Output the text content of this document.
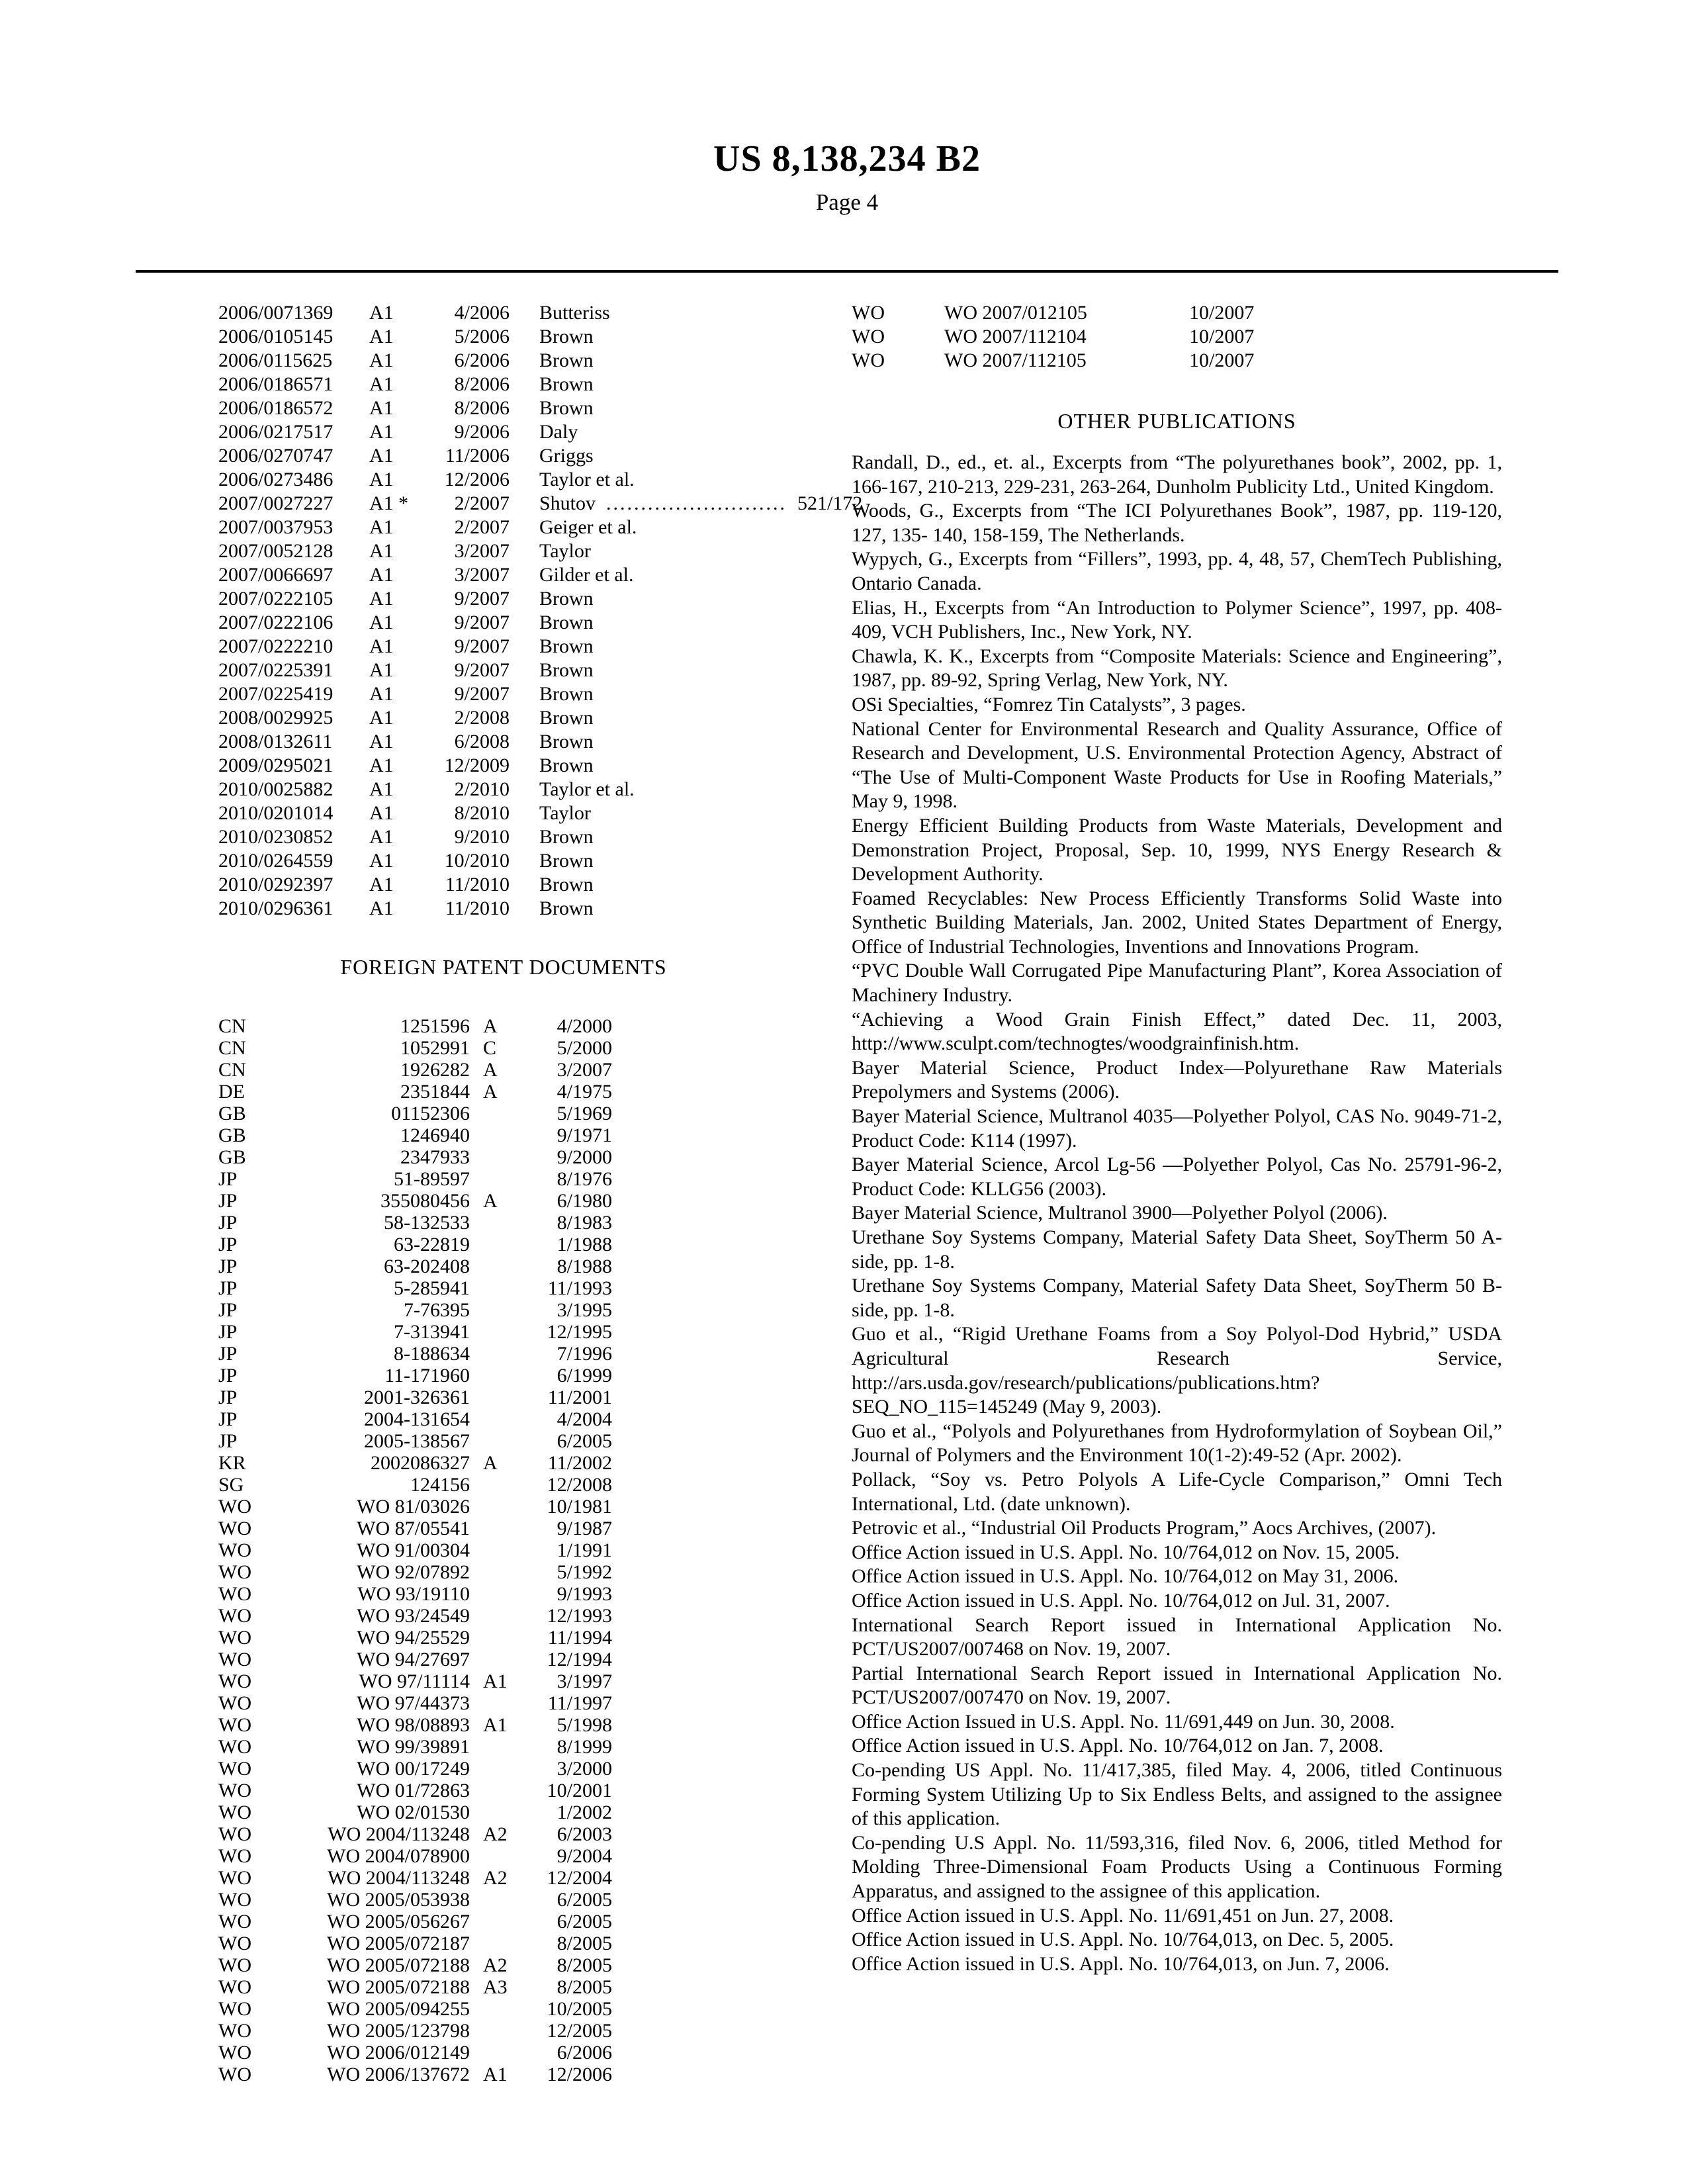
US 8,138,234 B2
Page 4
2006/0071369	A1	4/2006	Butteriss
2006/0105145	A1	5/2006	Brown
2006/0115625	A1	6/2006	Brown
2006/0186571	A1	8/2006	Brown
2006/0186572	A1	8/2006	Brown
2006/0217517	A1	9/2006	Daly
2006/0270747	A1	11/2006	Griggs
2006/0273486	A1	12/2006	Taylor et al.
2007/0027227	A1 *	2/2007	Shutov .......................... 521/172
2007/0037953	A1	2/2007	Geiger et al.
2007/0052128	A1	3/2007	Taylor
2007/0066697	A1	3/2007	Gilder et al.
2007/0222105	A1	9/2007	Brown
2007/0222106	A1	9/2007	Brown
2007/0222210	A1	9/2007	Brown
2007/0225391	A1	9/2007	Brown
2007/0225419	A1	9/2007	Brown
2008/0029925	A1	2/2008	Brown
2008/0132611	A1	6/2008	Brown
2009/0295021	A1	12/2009	Brown
2010/0025882	A1	2/2010	Taylor et al.
2010/0201014	A1	8/2010	Taylor
2010/0230852	A1	9/2010	Brown
2010/0264559	A1	10/2010	Brown
2010/0292397	A1	11/2010	Brown
2010/0296361	A1	11/2010	Brown
FOREIGN PATENT DOCUMENTS
CN	1251596 A	4/2000
CN	1052991 C	5/2000
CN	1926282 A	3/2007
DE	2351844 A	4/1975
GB	01152306	5/1969
GB	1246940	9/1971
GB	2347933	9/2000
JP	51-89597	8/1976
JP	355080456 A	6/1980
JP	58-132533	8/1983
JP	63-22819	1/1988
JP	63-202408	8/1988
JP	5-285941	11/1993
JP	7-76395	3/1995
JP	7-313941	12/1995
JP	8-188634	7/1996
JP	11-171960	6/1999
JP	2001-326361	11/2001
JP	2004-131654	4/2004
JP	2005-138567	6/2005
KR	2002086327 A	11/2002
SG	124156	12/2008
WO	WO 81/03026	10/1981
WO	WO 87/05541	9/1987
WO	WO 91/00304	1/1991
WO	WO 92/07892	5/1992
WO	WO 93/19110	9/1993
WO	WO 93/24549	12/1993
WO	WO 94/25529	11/1994
WO	WO 94/27697	12/1994
WO	WO 97/11114 A1	3/1997
WO	WO 97/44373	11/1997
WO	WO 98/08893 A1	5/1998
WO	WO 99/39891	8/1999
WO	WO 00/17249	3/2000
WO	WO 01/72863	10/2001
WO	WO 02/01530	1/2002
WO	WO 2004/113248 A2	6/2003
WO	WO 2004/078900	9/2004
WO	WO 2004/113248 A2	12/2004
WO	WO 2005/053938	6/2005
WO	WO 2005/056267	6/2005
WO	WO 2005/072187	8/2005
WO	WO 2005/072188 A2	8/2005
WO	WO 2005/072188 A3	8/2005
WO	WO 2005/094255	10/2005
WO	WO 2005/123798	12/2005
WO	WO 2006/012149	6/2006
WO	WO 2006/137672 A1	12/2006
WO	WO 2007/012105	10/2007
WO	WO 2007/112104	10/2007
WO	WO 2007/112105	10/2007
OTHER PUBLICATIONS

Randall, D., ed., et. al., Excerpts from “The polyurethanes book”, 2002, pp. 1, 166-167, 210-213, 229-231, 263-264, Dunholm Publicity Ltd., United Kingdom.

Woods, G., Excerpts from “The ICI Polyurethanes Book”, 1987, pp. 119-120, 127, 135- 140, 158-159, The Netherlands.

Wypych, G., Excerpts from “Fillers”, 1993, pp. 4, 48, 57, ChemTech Publishing, Ontario Canada.

Elias, H., Excerpts from “An Introduction to Polymer Science”, 1997, pp. 408-409, VCH Publishers, Inc., New York, NY.

Chawla, K. K., Excerpts from “Composite Materials: Science and Engineering”, 1987, pp. 89-92, Spring Verlag, New York, NY.

OSi Specialties, “Fomrez Tin Catalysts”, 3 pages.

National Center for Environmental Research and Quality Assurance, Office of Research and Development, U.S. Environmental Protection Agency, Abstract of “The Use of Multi-Component Waste Products for Use in Roofing Materials,” May 9, 1998.

Energy Efficient Building Products from Waste Materials, Development and Demonstration Project, Proposal, Sep. 10, 1999, NYS Energy Research & Development Authority.

Foamed Recyclables: New Process Efficiently Transforms Solid Waste into Synthetic Building Materials, Jan. 2002, United States Department of Energy, Office of Industrial Technologies, Inventions and Innovations Program.

“PVC Double Wall Corrugated Pipe Manufacturing Plant”, Korea Association of Machinery Industry.

“Achieving a Wood Grain Finish Effect,” dated Dec. 11, 2003, http://www.sculpt.com/technogtes/woodgrainfinish.htm.

Bayer Material Science, Product Index—Polyurethane Raw Materials Prepolymers and Systems (2006).

Bayer Material Science, Multranol 4035—Polyether Polyol, CAS No. 9049-71-2, Product Code: K114 (1997).

Bayer Material Science, Arcol Lg-56 —Polyether Polyol, Cas No. 25791-96-2, Product Code: KLLG56 (2003).

Bayer Material Science, Multranol 3900—Polyether Polyol (2006).

Urethane Soy Systems Company, Material Safety Data Sheet, SoyTherm 50 A-side, pp. 1-8.

Urethane Soy Systems Company, Material Safety Data Sheet, SoyTherm 50 B-side, pp. 1-8.

Guo et al., “Rigid Urethane Foams from a Soy Polyol-Dod Hybrid,” USDA Agricultural Research Service, http://ars.usda.gov/research/publications/publications.htm?SEQ_NO_115=145249 (May 9, 2003).

Guo et al., “Polyols and Polyurethanes from Hydroformylation of Soybean Oil,” Journal of Polymers and the Environment 10(1-2):49-52 (Apr. 2002).

Pollack, “Soy vs. Petro Polyols A Life-Cycle Comparison,” Omni Tech International, Ltd. (date unknown).

Petrovic et al., “Industrial Oil Products Program,” Aocs Archives, (2007).

Office Action issued in U.S. Appl. No. 10/764,012 on Nov. 15, 2005.

Office Action issued in U.S. Appl. No. 10/764,012 on May 31, 2006.

Office Action issued in U.S. Appl. No. 10/764,012 on Jul. 31, 2007.

International Search Report issued in International Application No. PCT/US2007/007468 on Nov. 19, 2007.

Partial International Search Report issued in International Application No. PCT/US2007/007470 on Nov. 19, 2007.

Office Action Issued in U.S. Appl. No. 11/691,449 on Jun. 30, 2008.

Office Action issued in U.S. Appl. No. 10/764,012 on Jan. 7, 2008.

Co-pending US Appl. No. 11/417,385, filed May. 4, 2006, titled Continuous Forming System Utilizing Up to Six Endless Belts, and assigned to the assignee of this application.

Co-pending U.S Appl. No. 11/593,316, filed Nov. 6, 2006, titled Method for Molding Three-Dimensional Foam Products Using a Continuous Forming Apparatus, and assigned to the assignee of this application.

Office Action issued in U.S. Appl. No. 11/691,451 on Jun. 27, 2008.

Office Action issued in U.S. Appl. No. 10/764,013, on Dec. 5, 2005.

Office Action issued in U.S. Appl. No. 10/764,013, on Jun. 7, 2006.
